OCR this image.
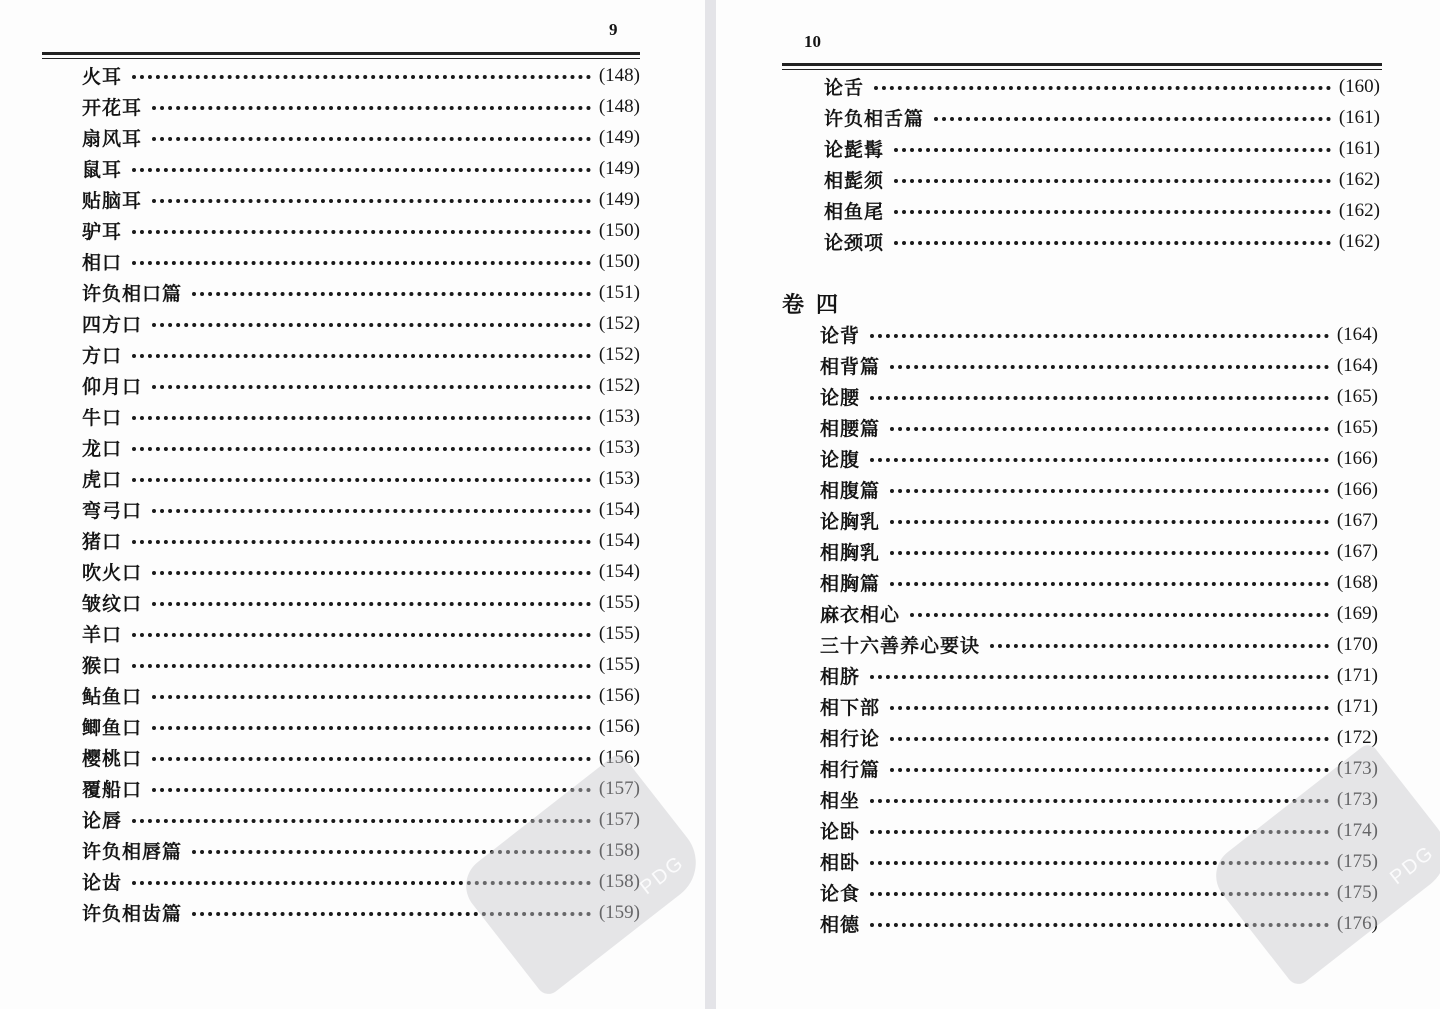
9
火耳	(148)
开花耳	(148)
扇风耳	(149)
鼠耳	(149)
贴脑耳	(149)
驴耳	(150)
相口	(150)
许负相口篇	(151)
四方口	(152)
方口	(152)
仰月口	(152)
牛口	(153)
龙口	(153)
虎口	(153)
弯弓口	(154)
猪口	(154)
吹火口	(154)
皱纹口	(155)
羊口	(155)
猴口	(155)
鲇鱼口	(156)
鲫鱼口	(156)
樱桃口	(156)
覆船口	(157)
论唇	(157)
许负相唇篇	(158)
论齿	(158)
许负相齿篇	(159)
PDG
10
论舌	(160)
许负相舌篇	(161)
论髭髯	(161)
相髭须	(162)
相鱼尾	(162)
论颈项	(162)
卷四
论背	(164)
相背篇	(164)
论腰	(165)
相腰篇	(165)
论腹	(166)
相腹篇	(166)
论胸乳	(167)
相胸乳	(167)
相胸篇	(168)
麻衣相心	(169)
三十六善养心要诀	(170)
相脐	(171)
相下部	(171)
相行论	(172)
相行篇	(173)
相坐	(173)
论卧	(174)
相卧	(175)
论食	(175)
相德	(176)
PDG
